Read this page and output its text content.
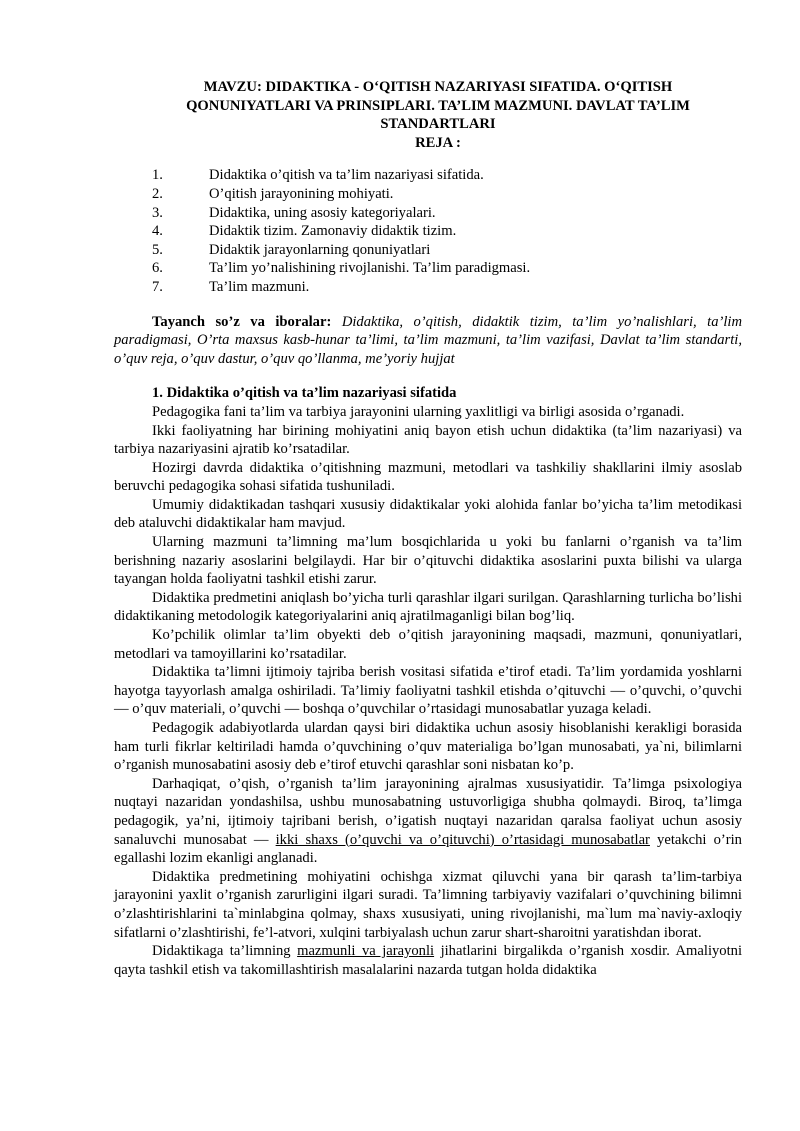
MAVZU: DIDAKTIKA - O‘QITISH NAZARIYASI SIFATIDA. O‘QITISH
QONUNIYATLARI VA PRINSIPLARI. TA’LIM MAZMUNI. DAVLAT TA’LIM
STANDARTLARI
REJA :
1.	Didaktika o’qitish va ta’lim nazariyasi sifatida.
2.	O’qitish jarayonining mohiyati.
3.	Didaktika, uning asosiy kategoriyalari.
4.	Didaktik tizim. Zamonaviy didaktik tizim.
5.	Didaktik jarayonlarning qonuniyatlari
6.	Ta’lim yo’nalishining rivojlanishi. Ta’lim paradigmasi.
7.	Ta’lim mazmuni.
Tayanch so’z va iboralar: Didaktika, o’qitish, didaktik tizim, ta’lim yo’nalishlari, ta’lim paradigmasi, O’rta maxsus kasb-hunar ta’limi, ta’lim mazmuni, ta’lim vazifasi, Davlat ta’lim standarti, o’quv reja, o’quv dastur, o’quv qo’llanma, me’yoriy hujjat
1. Didaktika o’qitish va ta’lim nazariyasi sifatida

Pedagogika fani ta’lim va tarbiya jarayonini ularning yaxlitligi va birligi asosida o’rganadi.

Ikki faoliyatning har birining mohiyatini aniq bayon etish uchun didaktika (ta’lim nazariyasi) va tarbiya nazariyasini ajratib ko’rsatadilar.

Hozirgi davrda didaktika o’qitishning mazmuni, metodlari va tashkiliy shakllarini ilmiy asoslab beruvchi pedagogika sohasi sifatida tushuniladi.

Umumiy didaktikadan tashqari xususiy didaktikalar yoki alohida fanlar bo’yicha ta’lim metodikasi deb ataluvchi didaktikalar ham mavjud.

Ularning mazmuni ta’limning ma’lum bosqichlarida u yoki bu fanlarni o’rganish va ta’lim berishning nazariy asoslarini belgilaydi. Har bir o’qituvchi didaktika asoslarini puxta bilishi va ularga tayangan holda faoliyatni tashkil etishi zarur.

Didaktika predmetini aniqlash bo’yicha turli qarashlar ilgari surilgan. Qarashlarning turlicha bo’lishi didaktikaning metodologik kategoriyalarini aniq ajratilmaganligi bilan bog’liq.

Ko’pchilik olimlar ta’lim obyekti deb o’qitish jarayonining maqsadi, mazmuni, qonuniyatlari, metodlari va tamoyillarini ko’rsatadilar.

Didaktika ta’limni ijtimoiy tajriba berish vositasi sifatida e’tirof etadi. Ta’lim yordamida yoshlarni hayotga tayyorlash amalga oshiriladi. Ta’limiy faoliyatni tashkil etishda o’qituvchi — o’quvchi, o’quvchi — o’quv materiali, o’quvchi — boshqa o’quvchilar o’rtasidagi munosabatlar yuzaga keladi.

Pedagogik adabiyotlarda ulardan qaysi biri didaktika uchun asosiy hisoblanishi kerakligi borasida ham turli fikrlar keltiriladi hamda o’quvchining o’quv materialiga bo’lgan munosabati, ya`ni, bilimlarni o’rganish munosabatini asosiy deb e’tirof etuvchi qarashlar soni nisbatan ko’p.

Darhaqiqat, o’qish, o’rganish ta’lim jarayonining ajralmas xususiyatidir. Ta’limga psixologiya nuqtayi nazaridan yondashilsa, ushbu munosabatning ustuvorligiga shubha qolmaydi. Biroq, ta’limga pedagogik, ya’ni, ijtimoiy tajribani berish, o’igatish nuqtayi nazaridan qaralsa faoliyat uchun asosiy sanaluvchi munosabat — ikki shaxs (o’quvchi va o’qituvchi) o’rtasidagi munosabatlar yetakchi o’rin egallashi lozim ekanligi anglanadi.

Didaktika predmetining mohiyatini ochishga xizmat qiluvchi yana bir qarash ta’lim-tarbiya jarayonini yaxlit o’rganish zarurligini ilgari suradi. Ta’limning tarbiyaviy vazifalari o’quvchining bilimni o’zlashtirishlarini ta`minlabgina qolmay, shaxs xususiyati, uning rivojlanishi, ma`lum ma`naviy-axloqiy sifatlarni o’zlashtirishi, fe’l-atvori, xulqini tarbiyalash uchun zarur shart-sharoitni yaratishdan iborat.

Didaktikaga ta’limning mazmunli va jarayonli jihatlarini birgalikda o’rganish xosdir. Amaliyotni qayta tashkil etish va takomillashtirish masalalarini nazarda tutgan holda didaktika
